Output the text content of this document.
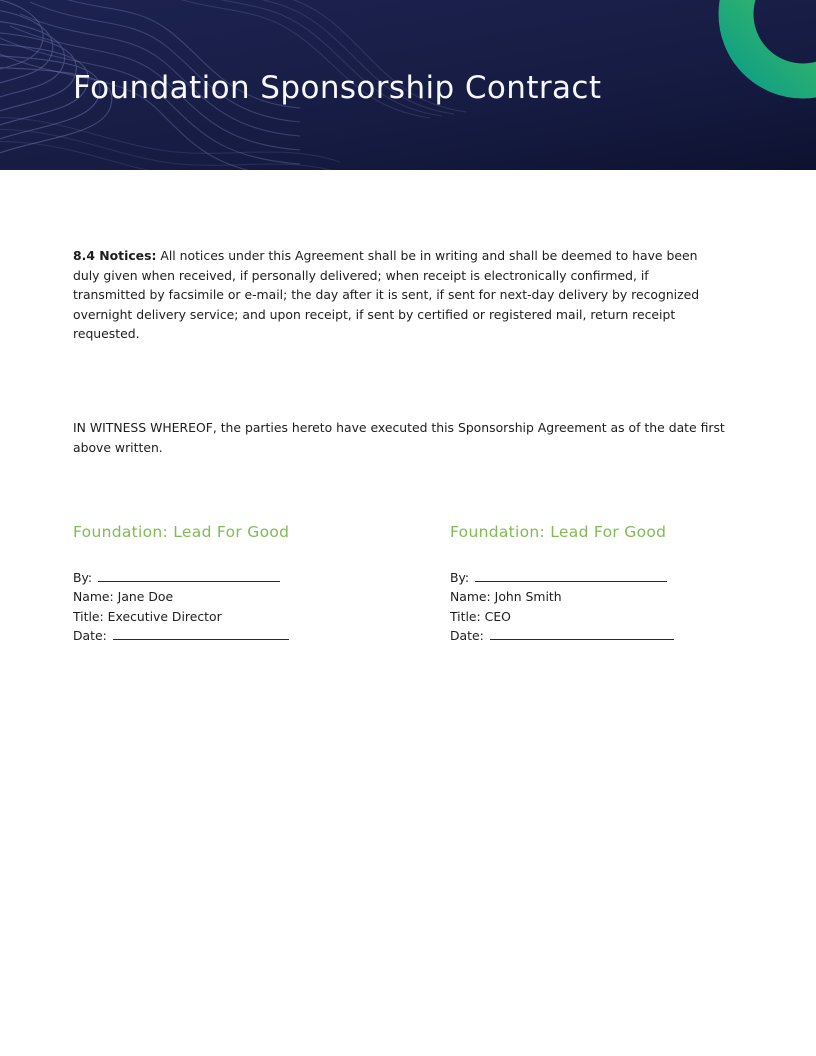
Foundation Sponsorship Contract

8.4 Notices: All notices under this Agreement shall be in writing and shall be deemed to have been duly given when received, if personally delivered; when receipt is electronically confirmed, if transmitted by facsimile or e-mail; the day after it is sent, if sent for next-day delivery by recognized overnight delivery service; and upon receipt, if sent by certified or registered mail, return receipt requested.

IN WITNESS WHEREOF, the parties hereto have executed this Sponsorship Agreement as of the date first above written.

Foundation: Lead For Good
By:
Name: Jane Doe
Title: Executive Director
Date:
Foundation: Lead For Good
By:
Name: John Smith
Title: CEO
Date:
